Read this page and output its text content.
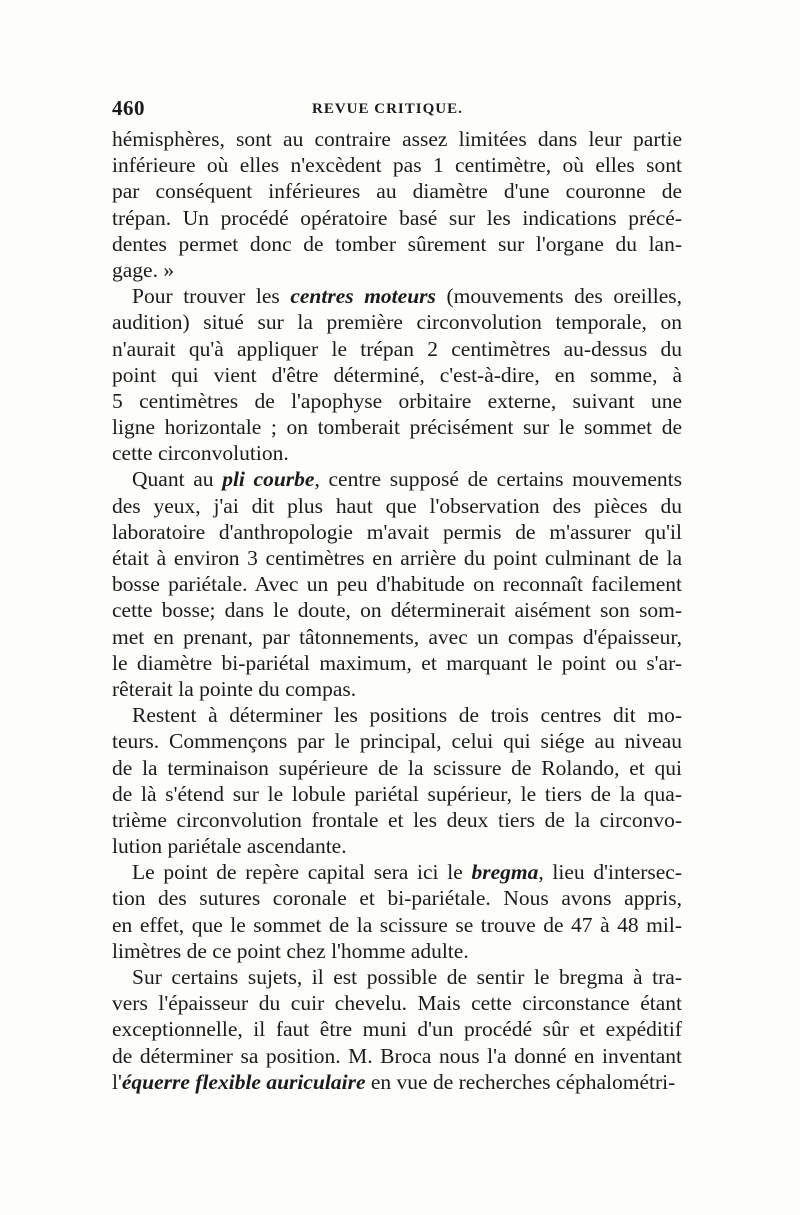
460	REVUE CRITIQUE.
hémisphères, sont au contraire assez limitées dans leur partie
inférieure où elles n'excèdent pas 1 centimètre, où elles sont
par conséquent inférieures au diamètre d'une couronne de
trépan. Un procédé opératoire basé sur les indications précé-
dentes permet donc de tomber sûrement sur l'organe du lan-
gage. »
Pour trouver les centres moteurs (mouvements des oreilles,
audition) situé sur la première circonvolution temporale, on
n'aurait qu'à appliquer le trépan 2 centimètres au-dessus du
point qui vient d'être déterminé, c'est-à-dire, en somme, à
5 centimètres de l'apophyse orbitaire externe, suivant une
ligne horizontale ; on tomberait précisément sur le sommet de
cette circonvolution.
Quant au pli courbe, centre supposé de certains mouvements
des yeux, j'ai dit plus haut que l'observation des pièces du
laboratoire d'anthropologie m'avait permis de m'assurer qu'il
était à environ 3 centimètres en arrière du point culminant de la
bosse pariétale. Avec un peu d'habitude on reconnaît facilement
cette bosse; dans le doute, on déterminerait aisément son som-
met en prenant, par tâtonnements, avec un compas d'épaisseur,
le diamètre bi-pariétal maximum, et marquant le point ou s'ar-
rêterait la pointe du compas.
Restent à déterminer les positions de trois centres dit mo-
teurs. Commençons par le principal, celui qui siége au niveau
de la terminaison supérieure de la scissure de Rolando, et qui
de là s'étend sur le lobule pariétal supérieur, le tiers de la qua-
trième circonvolution frontale et les deux tiers de la circonvo-
lution pariétale ascendante.
Le point de repère capital sera ici le bregma, lieu d'intersec-
tion des sutures coronale et bi-pariétale. Nous avons appris,
en effet, que le sommet de la scissure se trouve de 47 à 48 mil-
limètres de ce point chez l'homme adulte.
Sur certains sujets, il est possible de sentir le bregma à tra-
vers l'épaisseur du cuir chevelu. Mais cette circonstance étant
exceptionnelle, il faut être muni d'un procédé sûr et expéditif
de déterminer sa position. M. Broca nous l'a donné en inventant
l'équerre flexible auriculaire en vue de recherches céphalométri-
